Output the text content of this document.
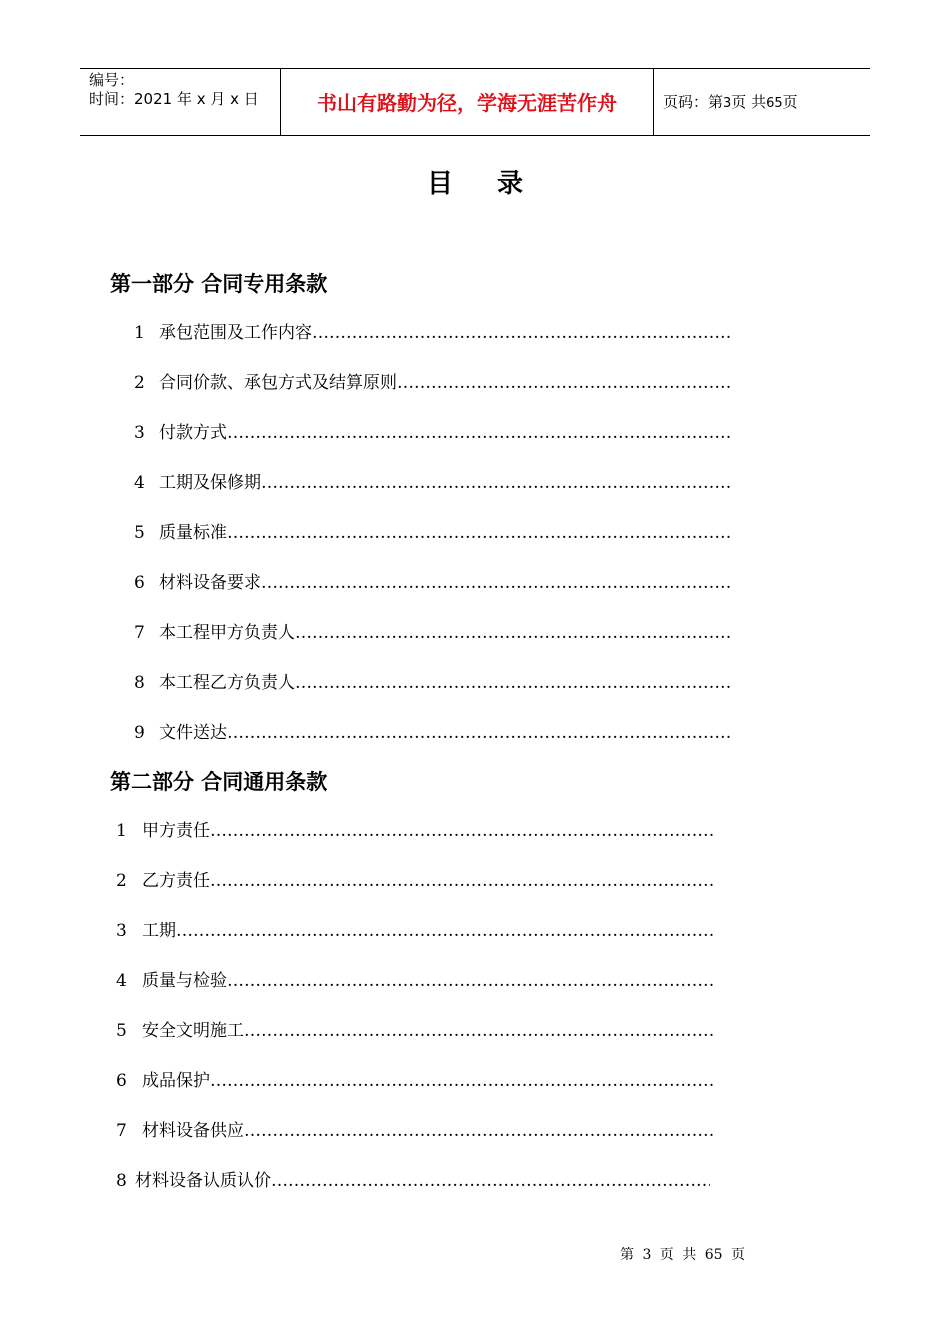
编号：
时间：2021 年 x 月 x 日	书山有路勤为径，学海无涯苦作舟	页码：第3页 共65页
目录
第一部分 合同专用条款
1 承包范围及工作内容
…………………………………………………………………………………………………………………………………………………………
2 合同价款、承包方式及结算原则
…………………………………………………………………………………………………………………………………………………………
3 付款方式
…………………………………………………………………………………………………………………………………………………………
4 工期及保修期
…………………………………………………………………………………………………………………………………………………………
5 质量标准
…………………………………………………………………………………………………………………………………………………………
6 材料设备要求
…………………………………………………………………………………………………………………………………………………………
7 本工程甲方负责人
…………………………………………………………………………………………………………………………………………………………
8 本工程乙方负责人
…………………………………………………………………………………………………………………………………………………………
9 文件送达
…………………………………………………………………………………………………………………………………………………………
第二部分 合同通用条款
1 甲方责任
…………………………………………………………………………………………………………………………………………………………
2 乙方责任
…………………………………………………………………………………………………………………………………………………………
3 工期
…………………………………………………………………………………………………………………………………………………………
4 质量与检验
…………………………………………………………………………………………………………………………………………………………
5 安全文明施工
…………………………………………………………………………………………………………………………………………………………
6 成品保护
…………………………………………………………………………………………………………………………………………………………
7 材料设备供应
…………………………………………………………………………………………………………………………………………………………
8 材料设备认质认价
…………………………………………………………………………………………………………………………………………………………
第 3 页 共 65 页
